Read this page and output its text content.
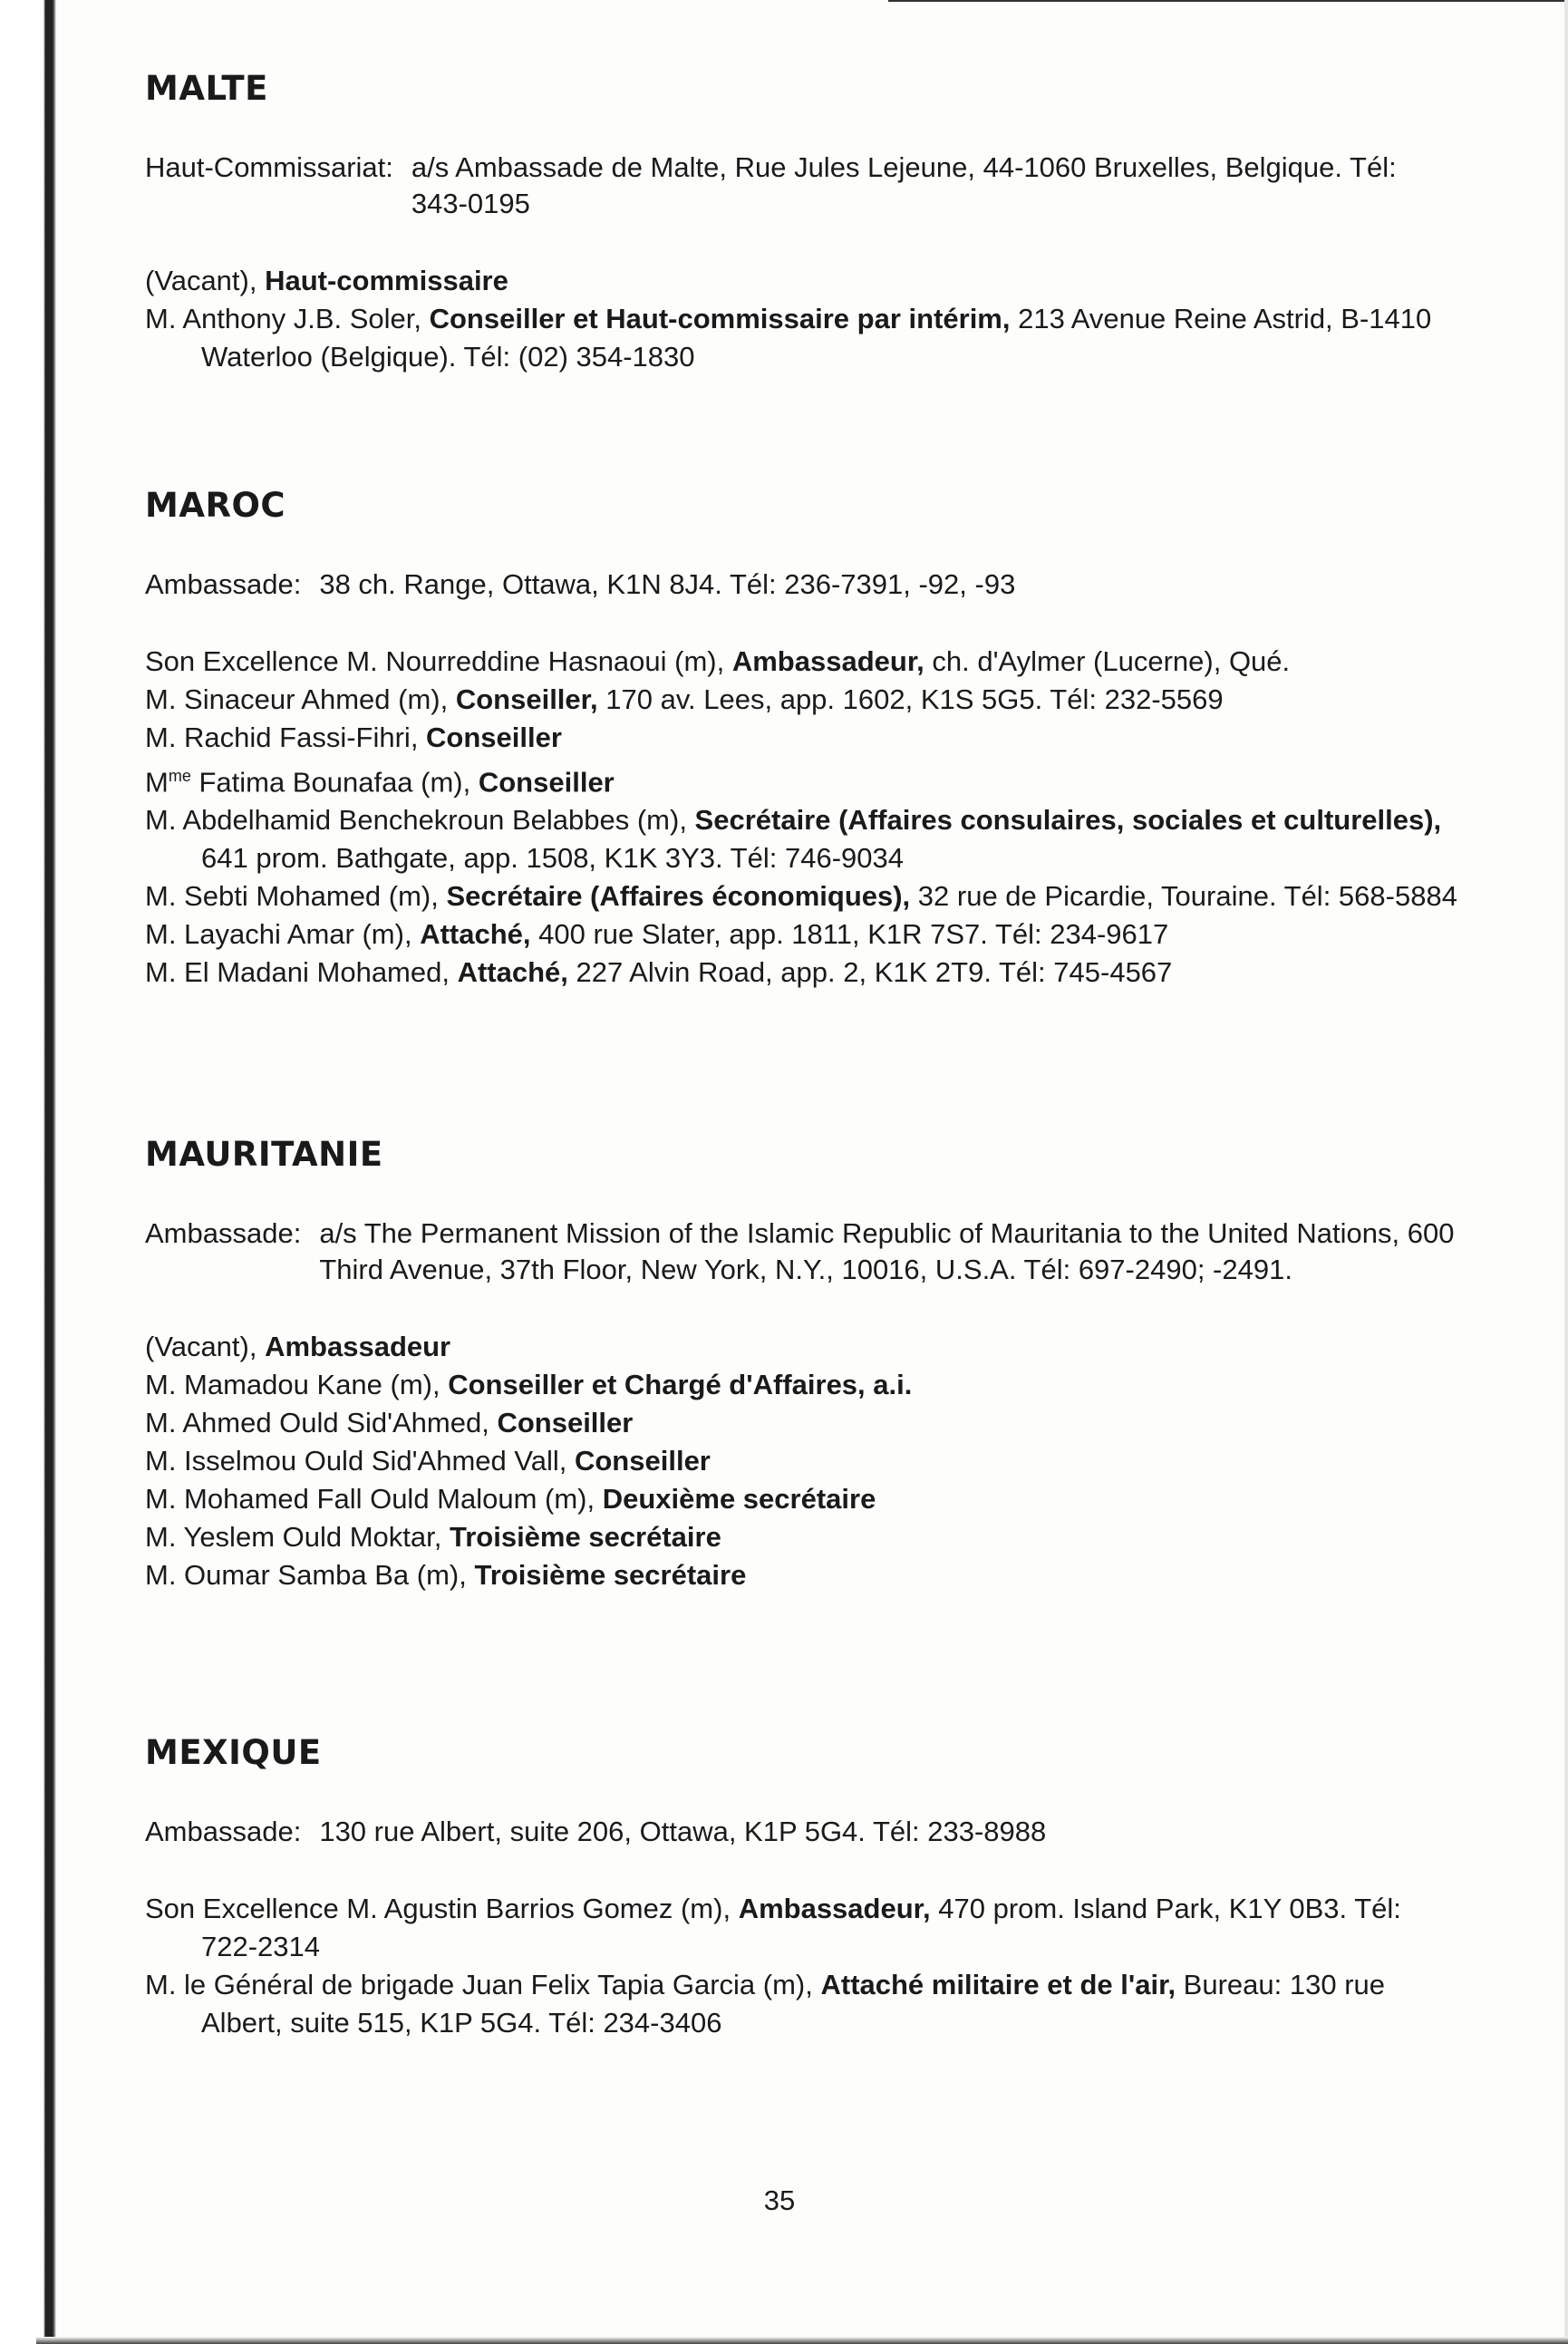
MALTE
Haut-Commissariat: a/s Ambassade de Malte, Rue Jules Lejeune, 44-1060 Bruxelles, Belgique. Tél: 343-0195
(Vacant), Haut-commissaire
M. Anthony J.B. Soler, Conseiller et Haut-commissaire par intérim, 213 Avenue Reine Astrid, B-1410 Waterloo (Belgique). Tél: (02) 354-1830
MAROC
Ambassade: 38 ch. Range, Ottawa, K1N 8J4. Tél: 236-7391, -92, -93
Son Excellence M. Nourreddine Hasnaoui (m), Ambassadeur, ch. d'Aylmer (Lucerne), Qué.
M. Sinaceur Ahmed (m), Conseiller, 170 av. Lees, app. 1602, K1S 5G5. Tél: 232-5569
M. Rachid Fassi-Fihri, Conseiller
$M^{me}$ Fatima Bounafaa (m), Conseiller
M. Abdelhamid Benchekroun Belabbes (m), Secrétaire (Affaires consulaires, sociales et culturelles), 641 prom. Bathgate, app. 1508, K1K 3Y3. Tél: 746-9034
M. Sebti Mohamed (m), Secrétaire (Affaires économiques), 32 rue de Picardie, Touraine. Tél: 568-5884
M. Layachi Amar (m), Attaché, 400 rue Slater, app. 1811, K1R 7S7. Tél: 234-9617
M. El Madani Mohamed, Attaché, 227 Alvin Road, app. 2, K1K 2T9. Tél: 745-4567
MAURITANIE
Ambassade: a/s The Permanent Mission of the Islamic Republic of Mauritania to the United Nations, 600 Third Avenue, 37th Floor, New York, N.Y., 10016, U.S.A. Tél: 697-2490; -2491.
(Vacant), Ambassadeur
M. Mamadou Kane (m), Conseiller et Chargé d'Affaires, a.i.
M. Ahmed Ould Sid'Ahmed, Conseiller
M. Isselmou Ould Sid'Ahmed Vall, Conseiller
M. Mohamed Fall Ould Maloum (m), Deuxième secrétaire
M. Yeslem Ould Moktar, Troisième secrétaire
M. Oumar Samba Ba (m), Troisième secrétaire
MEXIQUE
Ambassade: 130 rue Albert, suite 206, Ottawa, K1P 5G4. Tél: 233-8988
Son Excellence M. Agustin Barrios Gomez (m), Ambassadeur, 470 prom. Island Park, K1Y 0B3. Tél: 722-2314
M. le Général de brigade Juan Felix Tapia Garcia (m), Attaché militaire et de l'air, Bureau: 130 rue Albert, suite 515, K1P 5G4. Tél: 234-3406
35
